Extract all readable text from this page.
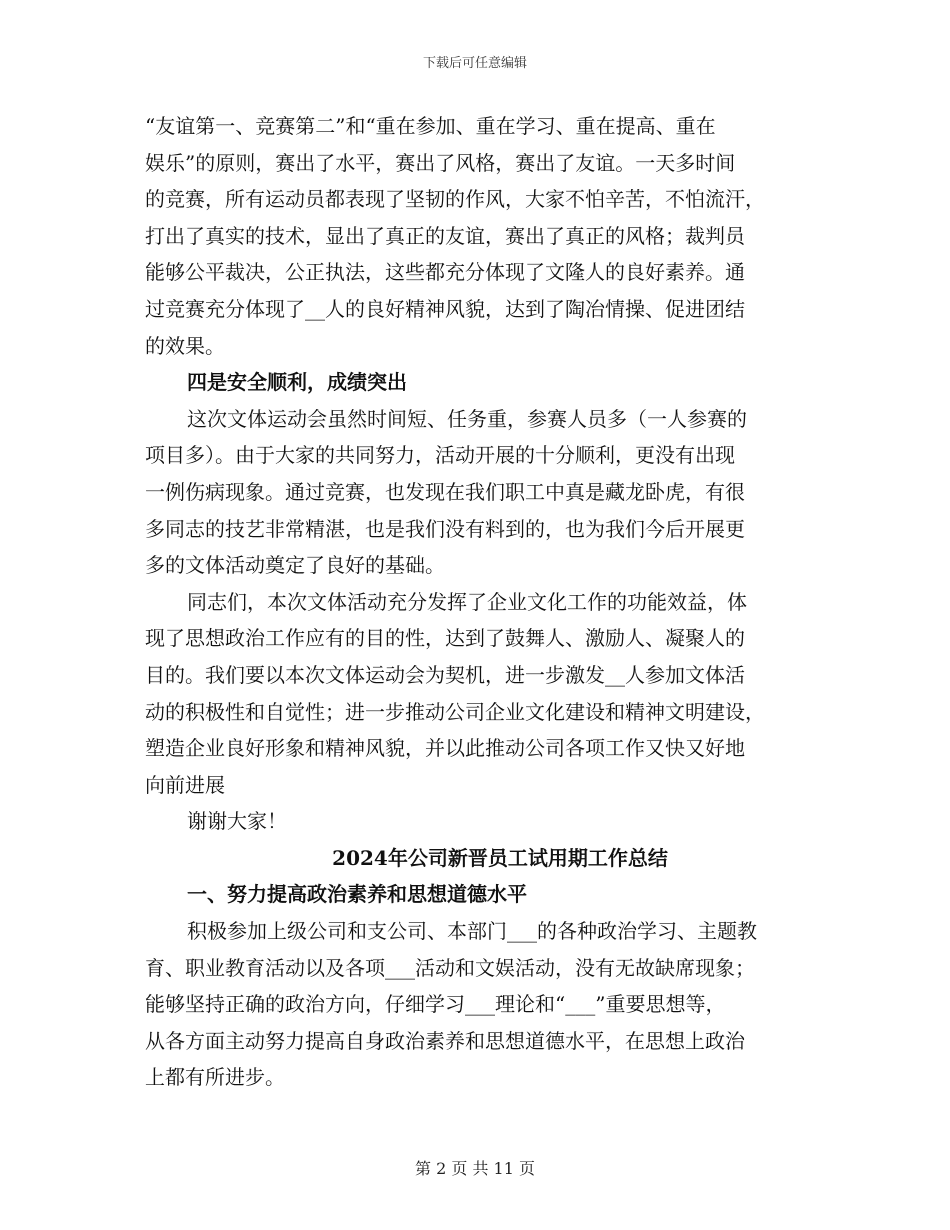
下载后可任意编辑
“友谊第一、竞赛第二”和“重在参加、重在学习、重在提高、重在
娱乐”的原则，赛出了水平，赛出了风格，赛出了友谊。一天多时间
的竞赛，所有运动员都表现了坚韧的作风，大家不怕辛苦，不怕流汗，
打出了真实的技术，显出了真正的友谊，赛出了真正的风格；裁判员
能够公平裁决，公正执法，这些都充分体现了文隆人的良好素养。通
过竞赛充分体现了__人的良好精神风貌，达到了陶冶情操、促进团结
的效果。
四是安全顺利，成绩突出
这次文体运动会虽然时间短、任务重，参赛人员多（一人参赛的
项目多）。由于大家的共同努力，活动开展的十分顺利，更没有出现
一例伤病现象。通过竞赛，也发现在我们职工中真是藏龙卧虎，有很
多同志的技艺非常精湛，也是我们没有料到的，也为我们今后开展更
多的文体活动奠定了良好的基础。
同志们，本次文体活动充分发挥了企业文化工作的功能效益，体
现了思想政治工作应有的目的性，达到了鼓舞人、激励人、凝聚人的
目的。我们要以本次文体运动会为契机，进一步激发__人参加文体活
动的积极性和自觉性；进一步推动公司企业文化建设和精神文明建设，
塑造企业良好形象和精神风貌，并以此推动公司各项工作又快又好地
向前进展
谢谢大家！
2024年公司新晋员工试用期工作总结
一、努力提高政治素养和思想道德水平
积极参加上级公司和支公司、本部门___的各种政治学习、主题教
育、职业教育活动以及各项___活动和文娱活动，没有无故缺席现象；
能够坚持正确的政治方向，仔细学习___理论和“___”重要思想等，
从各方面主动努力提高自身政治素养和思想道德水平，在思想上政治
上都有所进步。
第 2 页 共 11 页
